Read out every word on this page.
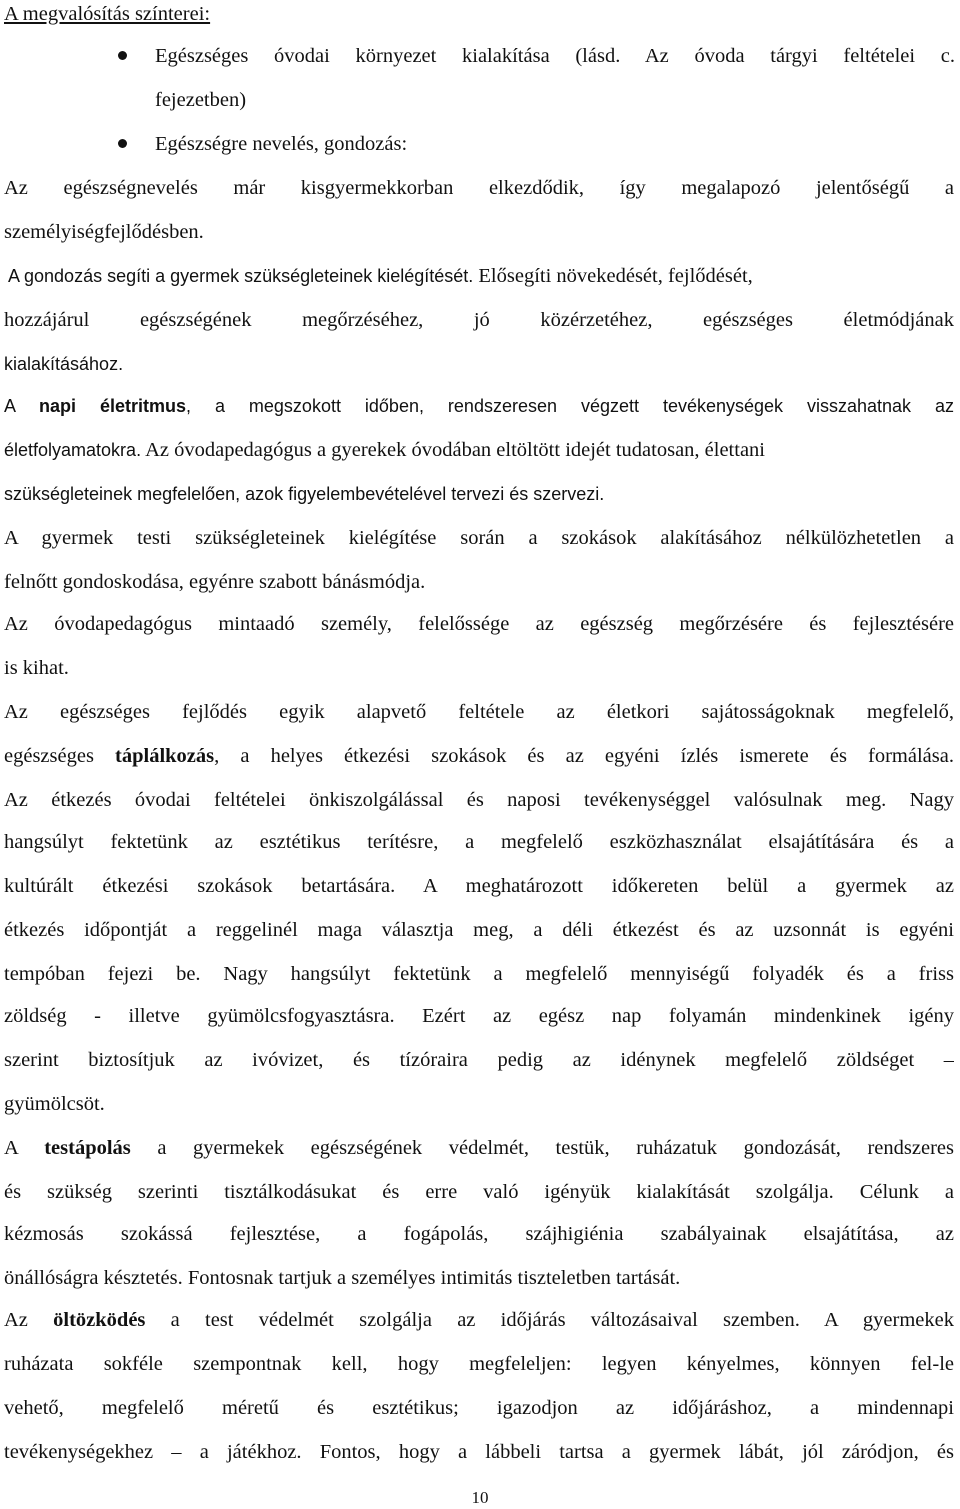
A megvalósítás színterei:
Egészséges óvodai környezet kialakítása (lásd. Az óvoda tárgyi feltételei c.
fejezetben)
Egészségre nevelés, gondozás:
Az egészségnevelés már kisgyermekkorban elkezdődik, így megalapozó jelentőségű a
személyiségfejlődésben.
A gondozás segíti a gyermek szükségleteinek kielégítését. Elősegíti növekedését, fejlődését,
hozzájárul egészségének megőrzéséhez, jó közérzetéhez, egészséges életmódjának
kialakításához.
A napi életritmus, a megszokott időben, rendszeresen végzett tevékenységek visszahatnak az
életfolyamatokra. Az óvodapedagógus a gyerekek óvodában eltöltött idejét tudatosan, élettani
szükségleteinek megfelelően, azok figyelembevételével tervezi és szervezi.
A gyermek testi szükségleteinek kielégítése során a szokások alakításához nélkülözhetetlen a
felnőtt gondoskodása, egyénre szabott bánásmódja.
Az óvodapedagógus mintaadó személy, felelőssége az egészség megőrzésére és fejlesztésére
is kihat.
Az egészséges fejlődés egyik alapvető feltétele az életkori sajátosságoknak megfelelő,
egészséges táplálkozás, a helyes étkezési szokások és az egyéni ízlés ismerete és formálása.
Az étkezés óvodai feltételei önkiszolgálással és naposi tevékenységgel valósulnak meg. Nagy
hangsúlyt fektetünk az esztétikus terítésre, a megfelelő eszközhasználat elsajátítására és a
kultúrált étkezési szokások betartására. A meghatározott időkereten belül a gyermek az
étkezés időpontját a reggelinél maga választja meg, a déli étkezést és az uzsonnát is egyéni
tempóban fejezi be. Nagy hangsúlyt fektetünk a megfelelő mennyiségű folyadék és a friss
zöldség - illetve gyümölcsfogyasztásra. Ezért az egész nap folyamán mindenkinek igény
szerint biztosítjuk az ivóvizet, és tízóraira pedig az idénynek megfelelő zöldséget –
gyümölcsöt.
A testápolás a gyermekek egészségének védelmét, testük, ruházatuk gondozását, rendszeres
és szükség szerinti tisztálkodásukat és erre való igényük kialakítását szolgálja. Célunk a
kézmosás szokássá fejlesztése, a fogápolás, szájhigiénia szabályainak elsajátítása, az
önállóságra késztetés. Fontosnak tartjuk a személyes intimitás tiszteletben tartását.
Az öltözködés a test védelmét szolgálja az időjárás változásaival szemben. A gyermekek
ruházata sokféle szempontnak kell, hogy megfeleljen: legyen kényelmes, könnyen fel-le
vehető, megfelelő méretű és esztétikus; igazodjon az időjáráshoz, a mindennapi
tevékenységekhez – a játékhoz. Fontos, hogy a lábbeli tartsa a gyermek lábát, jól záródjon, és
10
